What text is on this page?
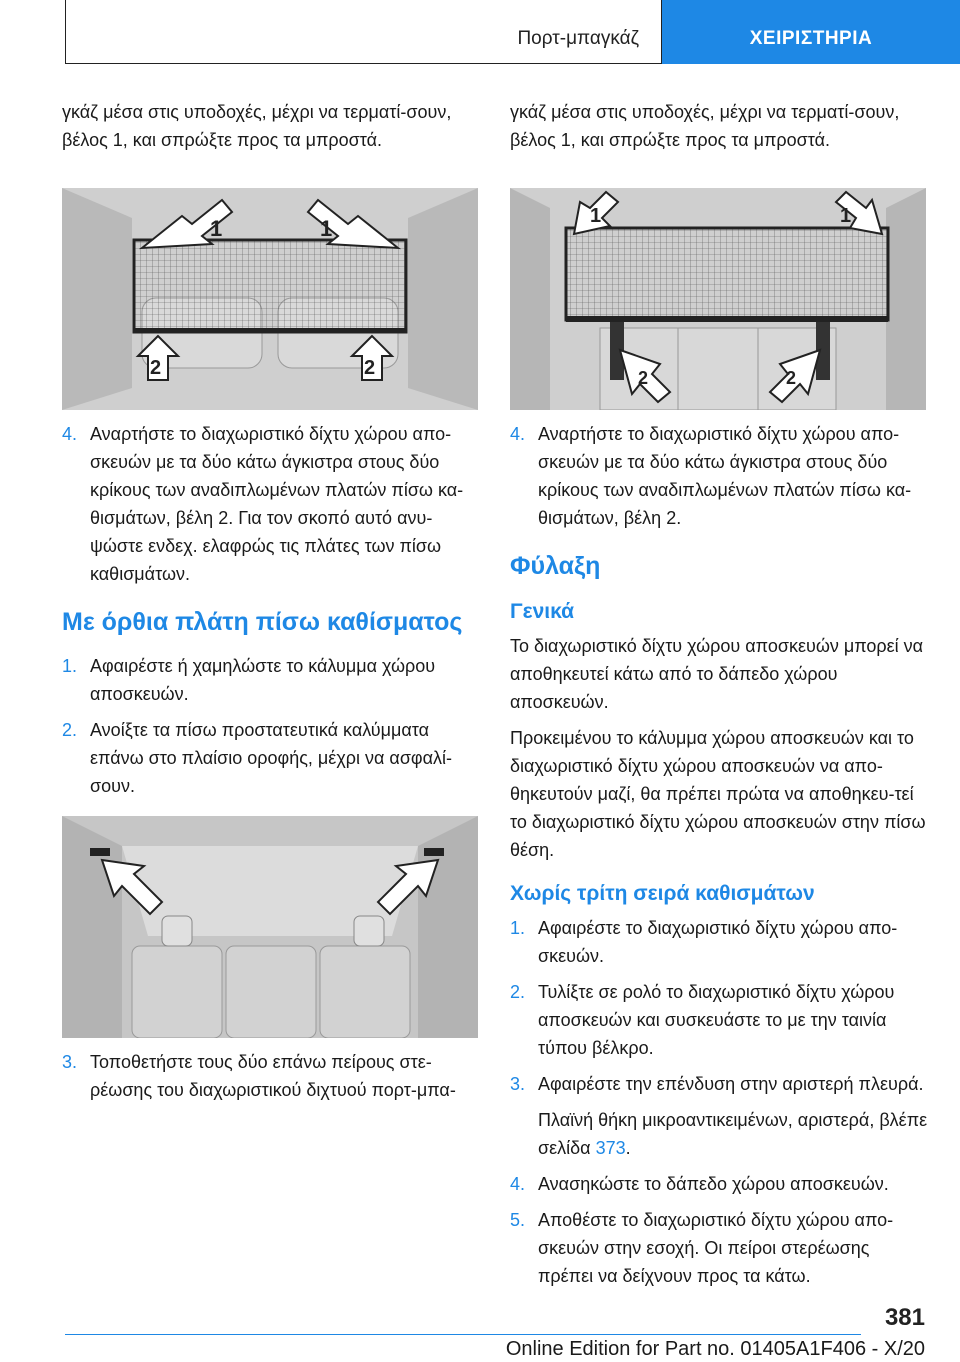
Πορτ-μπαγκάζ	ΧΕΙΡΙΣΤΗΡΙΑ

γκάζ μέσα στις υποδοχές, μέχρι να τερματί-σουν, βέλος 1, και σπρώξτε προς τα μπροστά.

1	1
2	2
4. Αναρτήστε το διαχωριστικό δίχτυ χώρου απο-σκευών με τα δύο κάτω άγκιστρα στους δύο κρίκους των αναδιπλωμένων πλατών πίσω κα-θισμάτων, βέλη 2. Για τον σκοπό αυτό ανυ-ψώστε ενδεχ. ελαφρώς τις πλάτες των πίσω καθισμάτων.
Με όρθια πλάτη πίσω καθίσματος
1. Αφαιρέστε ή χαμηλώστε το κάλυμμα χώρου αποσκευών.
2. Ανοίξτε τα πίσω προστατευτικά καλύμματα επάνω στο πλαίσιο οροφής, μέχρι να ασφαλί-σουν.
3. Τοποθετήστε τους δύο επάνω πείρους στε-ρέωσης του διαχωριστικού διχτυού πορτ-μπα-

γκάζ μέσα στις υποδοχές, μέχρι να τερματί-σουν, βέλος 1, και σπρώξτε προς τα μπροστά.

1	1
2	2
4. Αναρτήστε το διαχωριστικό δίχτυ χώρου απο-σκευών με τα δύο κάτω άγκιστρα στους δύο κρίκους των αναδιπλωμένων πλατών πίσω κα-θισμάτων, βέλη 2.
Φύλαξη
Γενικά

Το διαχωριστικό δίχτυ χώρου αποσκευών μπορεί να αποθηκευτεί κάτω από το δάπεδο χώρου αποσκευών.

Προκειμένου το κάλυμμα χώρου αποσκευών και το διαχωριστικό δίχτυ χώρου αποσκευών να απο-θηκευτούν μαζί, θα πρέπει πρώτα να αποθηκευ-τεί το διαχωριστικό δίχτυ χώρου αποσκευών στην πίσω θέση.

Χωρίς τρίτη σειρά καθισμάτων
1. Αφαιρέστε το διαχωριστικό δίχτυ χώρου απο-σκευών.
2. Τυλίξτε σε ρολό το διαχωριστικό δίχτυ χώρου αποσκευών και συσκευάστε το με την ταινία τύπου βέλκρο.
3. Αφαιρέστε την επένδυση στην αριστερή πλευρά.
Πλαϊνή θήκη μικροαντικειμένων, αριστερά, βλέπε σελίδα 373.
4. Ανασηκώστε το δάπεδο χώρου αποσκευών.
5. Αποθέστε το διαχωριστικό δίχτυ χώρου απο-σκευών στην εσοχή. Οι πείροι στερέωσης πρέπει να δείχνουν προς τα κάτω.
381
Online Edition for Part no. 01405A1F406 - X/20
